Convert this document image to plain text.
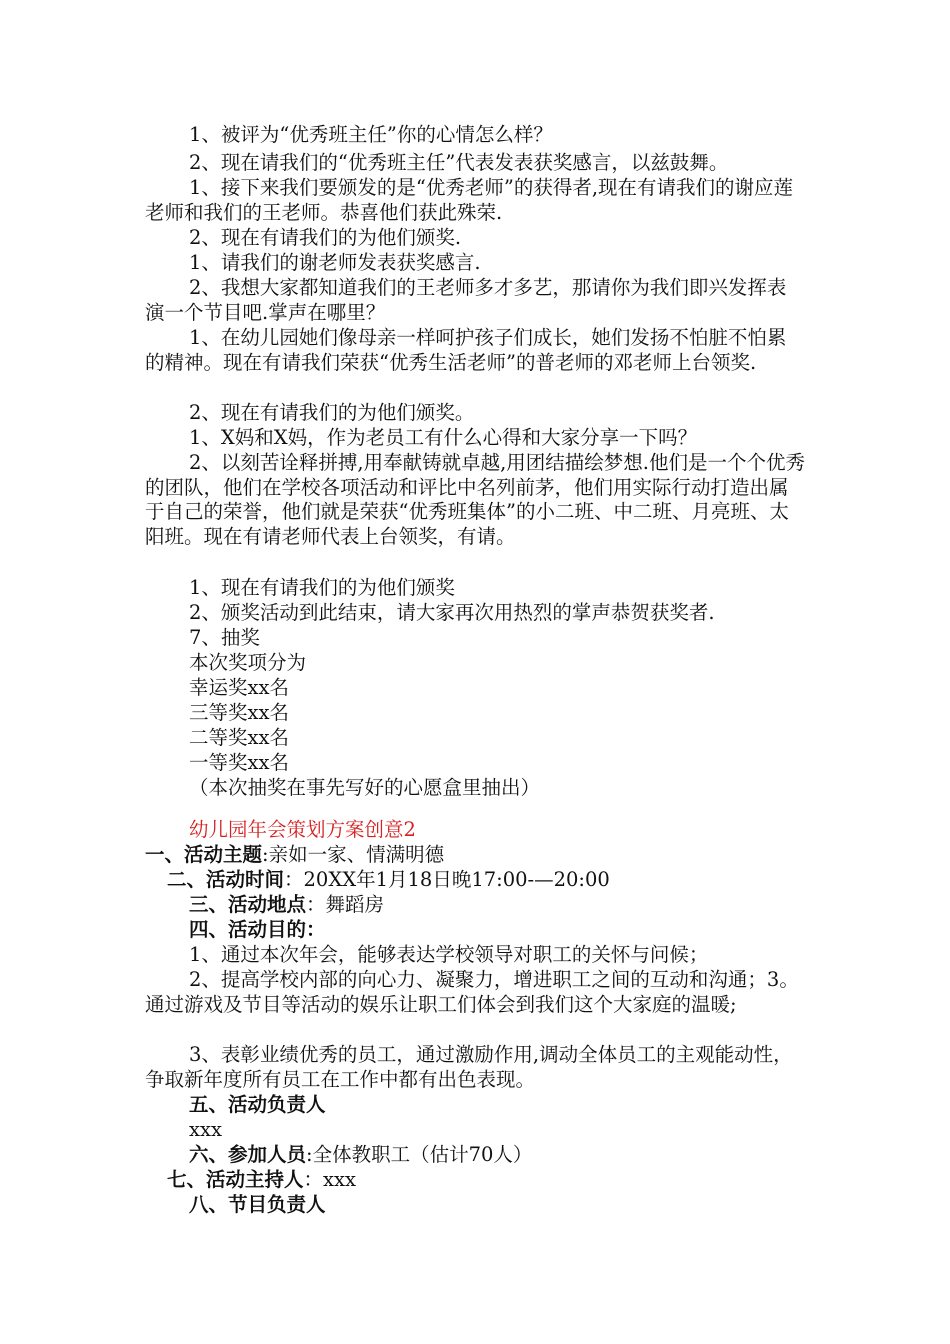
1、被评为“优秀班主任”你的心情怎么样？
2、现在请我们的“优秀班主任”代表发表获奖感言，以兹鼓舞。
1、接下来我们要颁发的是“优秀老师”的获得者,现在有请我们的谢应莲老师和我们的王老师。恭喜他们获此殊荣.
2、现在有请我们的为他们颁奖.
1、请我们的谢老师发表获奖感言.
2、我想大家都知道我们的王老师多才多艺，那请你为我们即兴发挥表演一个节目吧.掌声在哪里？
1、在幼儿园她们像母亲一样呵护孩子们成长，她们发扬不怕脏不怕累的精神。现在有请我们荣获“优秀生活老师”的普老师的邓老师上台领奖.
2、现在有请我们的为他们颁奖。
1、X妈和X妈，作为老员工有什么心得和大家分享一下吗？
2、以刻苦诠释拼搏,用奉献铸就卓越,用团结描绘梦想.他们是一个个优秀的团队，他们在学校各项活动和评比中名列前茅，他们用实际行动打造出属于自己的荣誉，他们就是荣获“优秀班集体”的小二班、中二班、月亮班、太阳班。现在有请老师代表上台领奖，有请。
1、现在有请我们的为他们颁奖
2、颁奖活动到此结束，请大家再次用热烈的掌声恭贺获奖者.
7、抽奖
本次奖项分为
幸运奖xx名
三等奖xx名
二等奖xx名
一等奖xx名
（本次抽奖在事先写好的心愿盒里抽出）
幼儿园年会策划方案创意2
一、活动主题:亲如一家、情满明德
二、活动时间：20XX年1月18日晚17:00-—20:00
三、活动地点：舞蹈房
四、活动目的：
1、通过本次年会，能够表达学校领导对职工的关怀与问候；
2、提高学校内部的向心力、凝聚力，增进职工之间的互动和沟通；3。通过游戏及节目等活动的娱乐让职工们体会到我们这个大家庭的温暖;
3、表彰业绩优秀的员工，通过激励作用,调动全体员工的主观能动性，争取新年度所有员工在工作中都有出色表现。
五、活动负责人
xxx
六、参加人员:全体教职工（估计70人）
七、活动主持人：xxx
八、节目负责人
